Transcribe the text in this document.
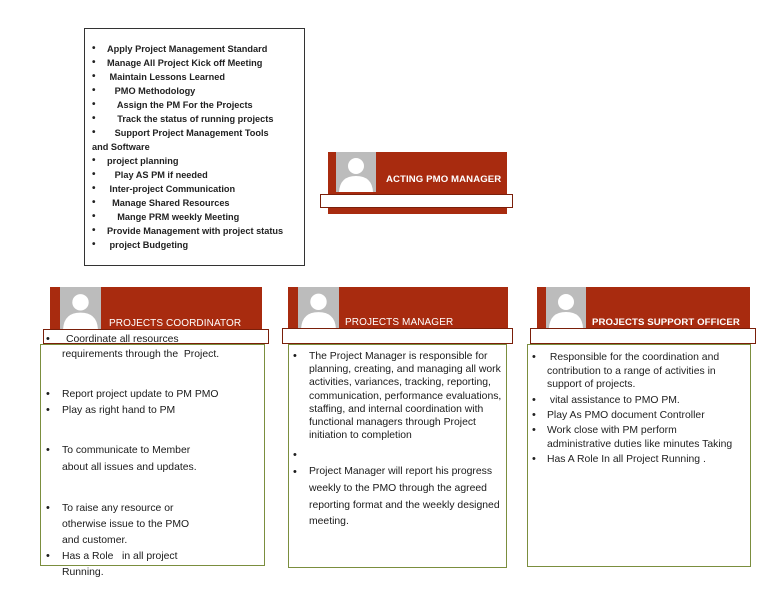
• Apply Project Management Standard
• Manage All Project Kick off Meeting
•  Maintain Lessons Learned
•    PMO Methodology
•     Assign the PM For the Projects
•     Track the status of running projects
•    Support Project Management Tools
and Software
• project planning
•    Play AS PM if needed
•  Inter-project Communication
•   Manage Shared Resources
•     Mange PRM weekly Meeting
• Provide Management with project status
•  project Budgeting
ACTING PMO MANAGER
PROJECTS COORDINATOR
• Coordinate all resources
requirements through the  Project.
• Report project update to PM PMO
• Play as right hand to PM
• To communicate to Member
about all issues and updates.
• To raise any resource or
otherwise issue to the PMO
and customer.
• Has a Role   in all project
Running.
PROJECTS MANAGER	PROJECTS SUPPORT OFFICER
• The Project Manager is responsible for planning, creating, and managing all work activities, variances, tracking, reporting, communication, performance evaluations, staffing, and internal coordination with functional managers through Project initiation to completion
•
• Project Manager will report his progress weekly to the PMO through the agreed reporting format and the weekly designed meeting.
•  Responsible for the coordination and contribution to a range of activities in support of projects.
•  vital assistance to PMO PM.
• Play As PMO document Controller
• Work close with PM perform administrative duties like minutes Taking
• Has A Role In all Project Running .
